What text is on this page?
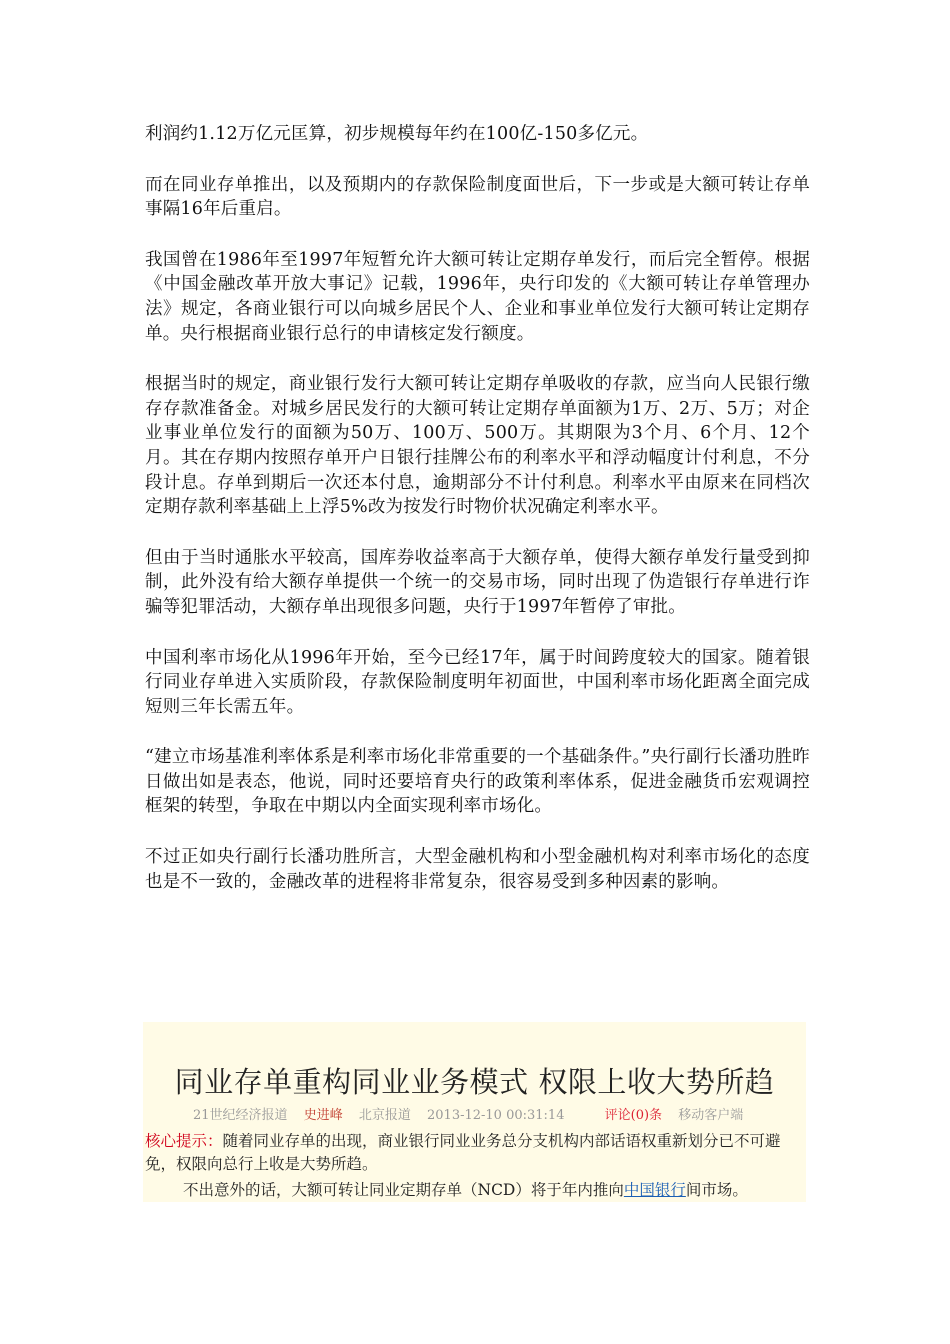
利润约1.12万亿元匡算，初步规模每年约在100亿-150多亿元。

而在同业存单推出，以及预期内的存款保险制度面世后，下一步或是大额可转让存单事隔16年后重启。

我国曾在1986年至1997年短暂允许大额可转让定期存单发行，而后完全暂停。根据《中国金融改革开放大事记》记载，1996年，央行印发的《大额可转让存单管理办法》规定，各商业银行可以向城乡居民个人、企业和事业单位发行大额可转让定期存单。央行根据商业银行总行的申请核定发行额度。

根据当时的规定，商业银行发行大额可转让定期存单吸收的存款，应当向人民银行缴存存款准备金。对城乡居民发行的大额可转让定期存单面额为1万、2万、5万；对企业事业单位发行的面额为50万、100万、500万。其期限为3个月、6个月、12个月。其在存期内按照存单开户日银行挂牌公布的利率水平和浮动幅度计付利息，不分段计息。存单到期后一次还本付息，逾期部分不计付利息。利率水平由原来在同档次定期存款利率基础上上浮5%改为按发行时物价状况确定利率水平。

但由于当时通胀水平较高，国库券收益率高于大额存单，使得大额存单发行量受到抑制，此外没有给大额存单提供一个统一的交易市场，同时出现了伪造银行存单进行诈骗等犯罪活动，大额存单出现很多问题，央行于1997年暂停了审批。

中国利率市场化从1996年开始，至今已经17年，属于时间跨度较大的国家。随着银行同业存单进入实质阶段，存款保险制度明年初面世，中国利率市场化距离全面完成短则三年长需五年。

“建立市场基准利率体系是利率市场化非常重要的一个基础条件。”央行副行长潘功胜昨日做出如是表态，他说，同时还要培育央行的政策利率体系，促进金融货币宏观调控框架的转型，争取在中期以内全面实现利率市场化。

不过正如央行副行长潘功胜所言，大型金融机构和小型金融机构对利率市场化的态度也是不一致的，金融改革的进程将非常复杂，很容易受到多种因素的影响。

同业存单重构同业业务模式 权限上收大势所趋
21世纪经济报道 史进峰 北京报道 2013-12-10 00:31:14	评论(0)条 移动客户端
核心提示：随着同业存单的出现，商业银行同业业务总分支机构内部话语权重新划分已不可避免，权限向总行上收是大势所趋。
不出意外的话，大额可转让同业定期存单（NCD）将于年内推向中国银行间市场。
